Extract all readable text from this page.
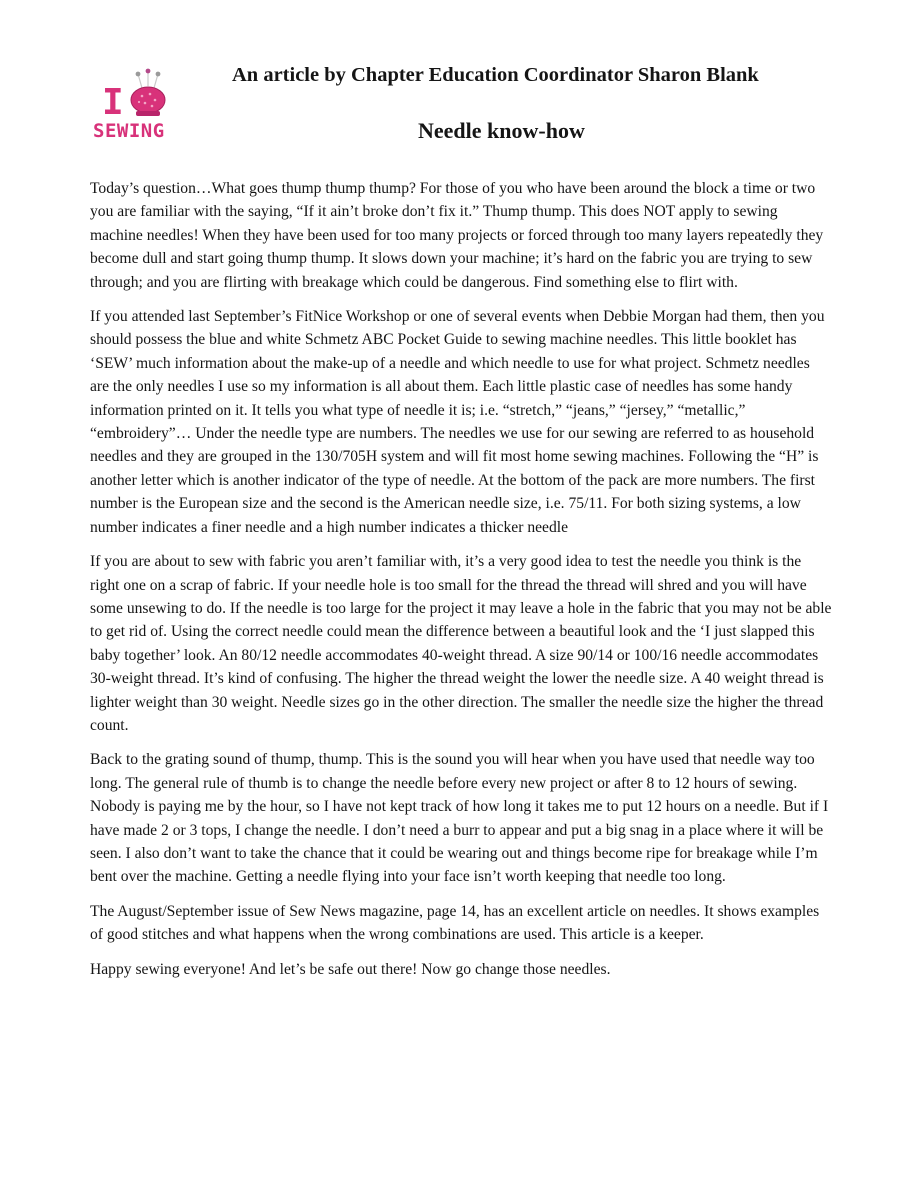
I
SEWING
An article by Chapter Education Coordinator Sharon Blank
Needle know-how

Today’s question…What goes thump thump thump? For those of you who have been around the block a time or two you are familiar with the saying, “If it ain’t broke don’t fix it.” Thump thump. This does NOT apply to sewing machine needles! When they have been used for too many projects or forced through too many layers repeatedly they become dull and start going thump thump. It slows down your machine; it’s hard on the fabric you are trying to sew through; and you are flirting with breakage which could be dangerous. Find something else to flirt with.

If you attended last September’s FitNice Workshop or one of several events when Debbie Morgan had them, then you should possess the blue and white Schmetz ABC Pocket Guide to sewing machine needles. This little booklet has ‘SEW’ much information about the make-up of a needle and which needle to use for what project. Schmetz needles are the only needles I use so my information is all about them. Each little plastic case of needles has some handy information printed on it. It tells you what type of needle it is; i.e. “stretch,” “jeans,” “jersey,” “metallic,” “embroidery”… Under the needle type are numbers. The needles we use for our sewing are referred to as household needles and they are grouped in the 130/705H system and will fit most home sewing machines. Following the “H” is another letter which is another indicator of the type of needle. At the bottom of the pack are more numbers. The first number is the European size and the second is the American needle size, i.e. 75/11. For both sizing systems, a low number indicates a finer needle and a high number indicates a thicker needle

If you are about to sew with fabric you aren’t familiar with, it’s a very good idea to test the needle you think is the right one on a scrap of fabric. If your needle hole is too small for the thread the thread will shred and you will have some unsewing to do. If the needle is too large for the project it may leave a hole in the fabric that you may not be able to get rid of. Using the correct needle could mean the difference between a beautiful look and the ‘I just slapped this baby together’ look. An 80/12 needle accommodates 40-weight thread. A size 90/14 or 100/16 needle accommodates 30-weight thread. It’s kind of confusing. The higher the thread weight the lower the needle size. A 40 weight thread is lighter weight than 30 weight. Needle sizes go in the other direction. The smaller the needle size the higher the thread count.

Back to the grating sound of thump, thump. This is the sound you will hear when you have used that needle way too long. The general rule of thumb is to change the needle before every new project or after 8 to 12 hours of sewing. Nobody is paying me by the hour, so I have not kept track of how long it takes me to put 12 hours on a needle. But if I have made 2 or 3 tops, I change the needle. I don’t need a burr to appear and put a big snag in a place where it will be seen. I also don’t want to take the chance that it could be wearing out and things become ripe for breakage while I’m bent over the machine. Getting a needle flying into your face isn’t worth keeping that needle too long.

The August/September issue of Sew News magazine, page 14, has an excellent article on needles. It shows examples of good stitches and what happens when the wrong combinations are used. This article is a keeper.

Happy sewing everyone! And let’s be safe out there! Now go change those needles.
